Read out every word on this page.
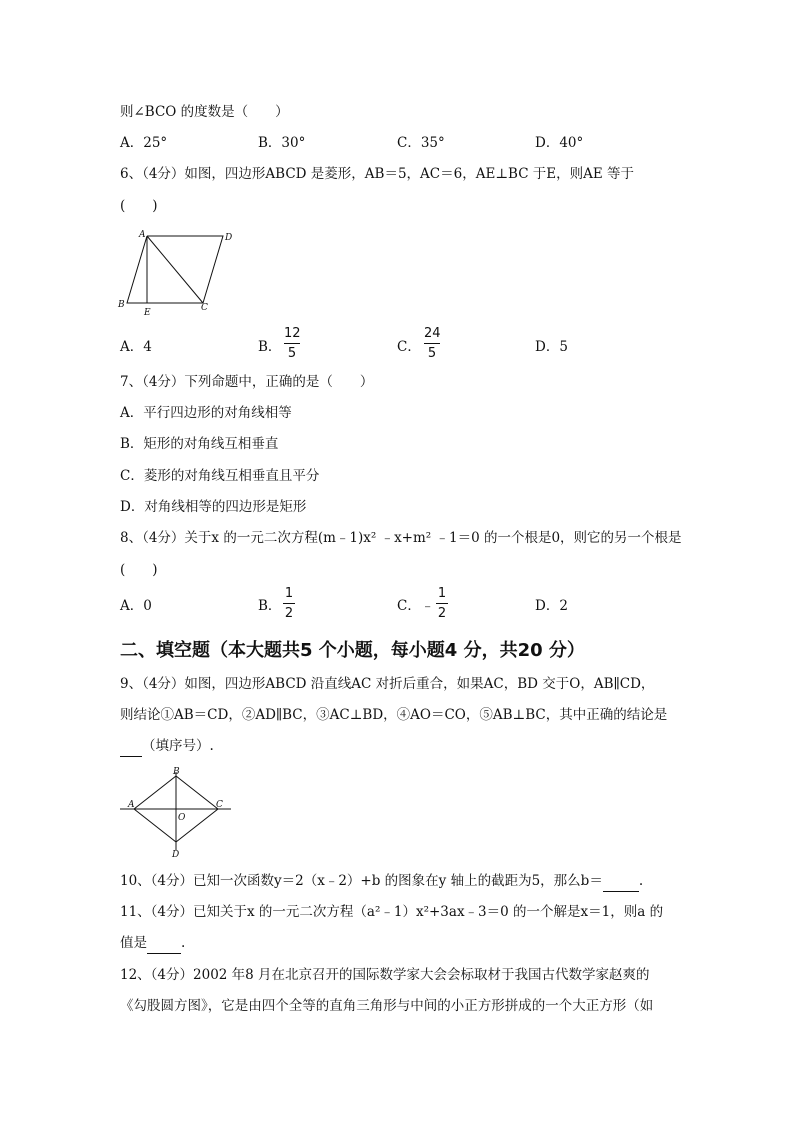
则∠BCO 的度数是（　　）
A．25°	B．30°	C．35°	D．40°
6、（4分）如图，四边形ABCD 是菱形，AB＝5，AC＝6，AE⊥BC 于E，则AE 等于
(　　)
A	D
B
E	C
A．4	B．
12
5	C．
24
5	D．5
7、（4分）下列命题中，正确的是（　　）
A．平行四边形的对角线相等
B．矩形的对角线互相垂直
C．菱形的对角线互相垂直且平分
D．对角线相等的四边形是矩形
8、（4分）关于x 的一元二次方程(m﹣1)x² ﹣x+m² ﹣1＝0 的一个根是0，则它的另一个根是
(　　)
A．0	B．
1
2	C．﹣
1
2	D．2
二、填空题（本大题共5 个小题，每小题4 分，共20 分）
9、（4分）如图，四边形ABCD 沿直线AC 对折后重合，如果AC，BD 交于O，AB∥CD，
则结论①AB＝CD，②AD∥BC，③AC⊥BD，④AO＝CO，⑤AB⊥BC，其中正确的结论是
（填序号）.
B
A	C
O
D
10、（4分）已知一次函数y＝2（x﹣2）+b 的图象在y 轴上的截距为5，那么b＝	.
11、（4分）已知关于x 的一元二次方程（a²﹣1）x²+3ax﹣3＝0 的一个解是x＝1，则a 的
值是	.
12、（4分）2002 年8 月在北京召开的国际数学家大会会标取材于我国古代数学家赵爽的
《勾股圆方图》，它是由四个全等的直角三角形与中间的小正方形拼成的一个大正方形（如
